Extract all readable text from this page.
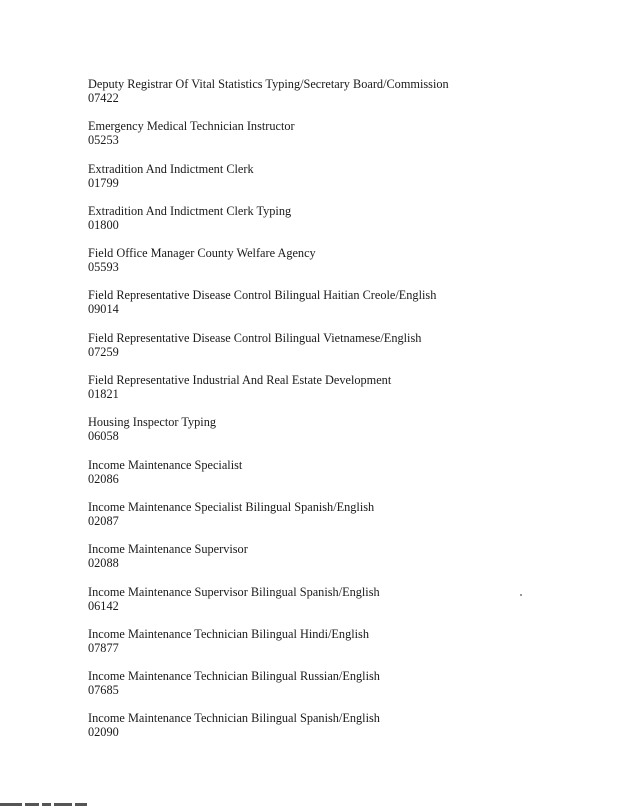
Deputy Registrar Of Vital Statistics Typing/Secretary Board/Commission
07422
Emergency Medical Technician Instructor
05253
Extradition And Indictment Clerk
01799
Extradition And Indictment Clerk Typing
01800
Field Office Manager County Welfare Agency
05593
Field Representative Disease Control Bilingual Haitian Creole/English
09014
Field Representative Disease Control Bilingual Vietnamese/English
07259
Field Representative Industrial And Real Estate Development
01821
Housing Inspector Typing
06058
Income Maintenance Specialist
02086
Income Maintenance Specialist Bilingual Spanish/English
02087
Income Maintenance Supervisor
02088
Income Maintenance Supervisor Bilingual Spanish/English
06142
Income Maintenance Technician Bilingual Hindi/English
07877
Income Maintenance Technician Bilingual Russian/English
07685
Income Maintenance Technician Bilingual Spanish/English
02090
